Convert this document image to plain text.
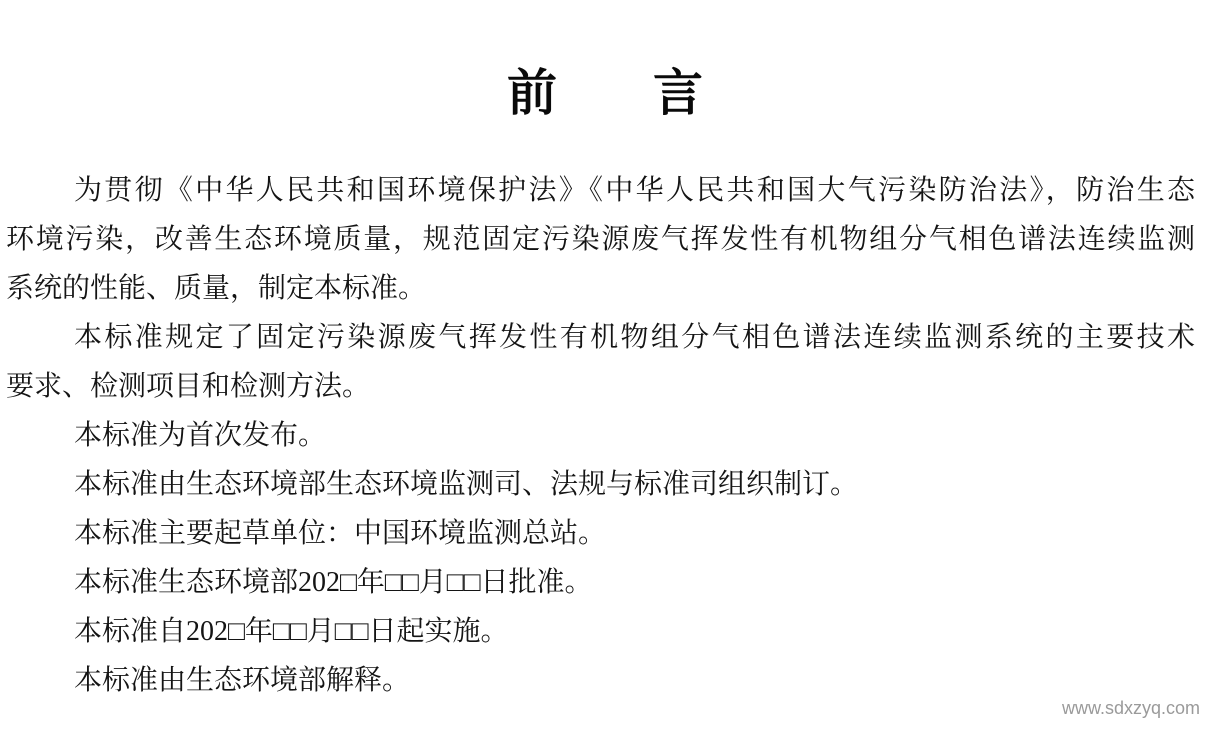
前 言
为贯彻《中华人民共和国环境保护法》《中华人民共和国大气污染防治法》，防治生态
环境污染，改善生态环境质量，规范固定污染源废气挥发性有机物组分气相色谱法连续监测
系统的性能、质量，制定本标准。
本标准规定了固定污染源废气挥发性有机物组分气相色谱法连续监测系统的主要技术
要求、检测项目和检测方法。
本标准为首次发布。
本标准由生态环境部生态环境监测司、法规与标准司组织制订。
本标准主要起草单位：中国环境监测总站。
本标准生态环境部202□年□□月□□日批准。
本标准自202□年□□月□□日起实施。
本标准由生态环境部解释。
www.sdxzyq.com
